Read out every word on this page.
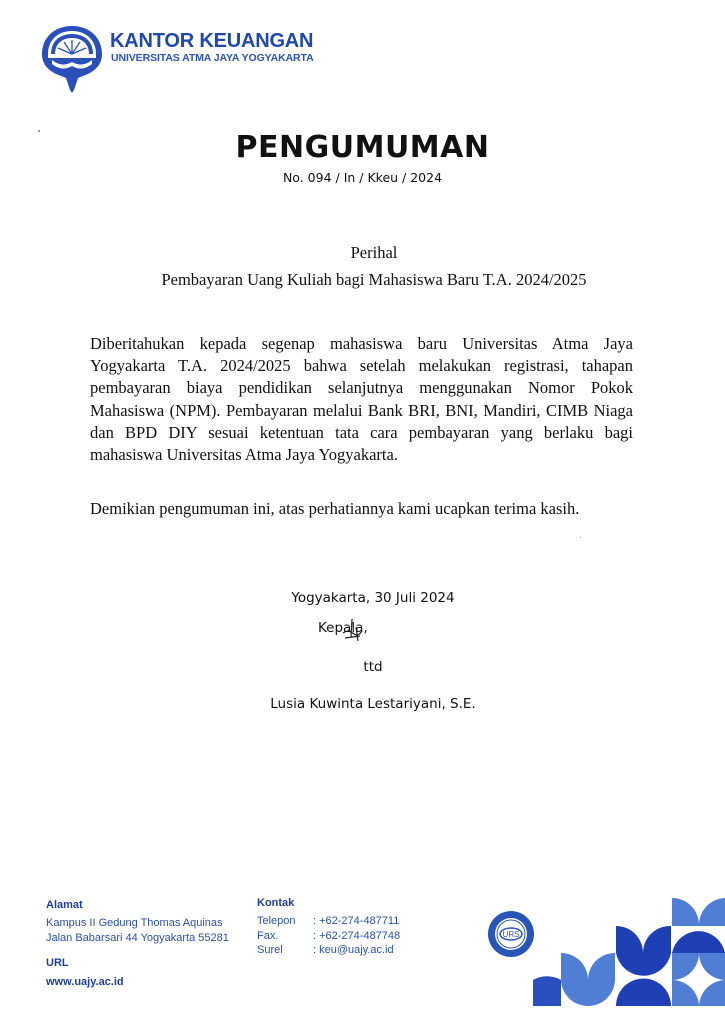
KANTOR KEUANGAN
UNIVERSITAS ATMA JAYA YOGYAKARTA
PENGUMUMAN
No. 094 / In / Kkeu / 2024
Perihal
Pembayaran Uang Kuliah bagi Mahasiswa Baru T.A. 2024/2025
Diberitahukan kepada segenap mahasiswa baru Universitas Atma Jaya Yogyakarta T.A. 2024/2025 bahwa setelah melakukan registrasi, tahapan pembayaran biaya pendidikan selanjutnya menggunakan Nomor Pokok Mahasiswa (NPM). Pembayaran melalui Bank BRI, BNI, Mandiri, CIMB Niaga dan BPD DIY sesuai ketentuan tata cara pembayaran yang berlaku bagi mahasiswa Universitas Atma Jaya Yogyakarta.
Demikian pengumuman ini, atas perhatiannya kami ucapkan terima kasih.
Yogyakarta, 30 Juli 2024
Kepala,
ttd
Lusia Kuwinta Lestariyani, S.E.
Alamat
Kampus II Gedung Thomas Aquinas
Jalan Babarsari 44 Yogyakarta 55281
URL
www.uajy.ac.id
Kontak
Telepon	: +62-274-487711
Fax.	: +62-274-487748
Surel	: keu@uajy.ac.id
URS
